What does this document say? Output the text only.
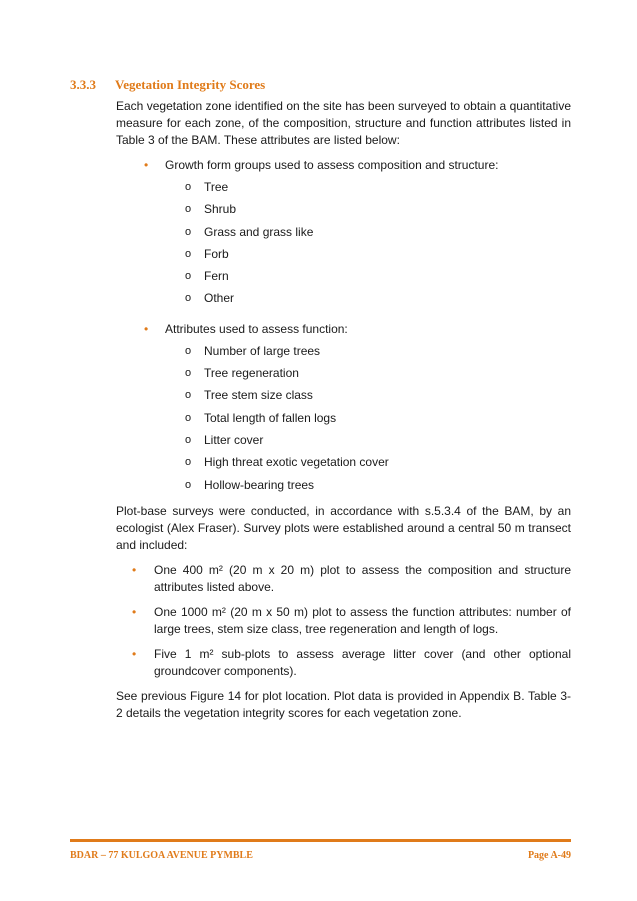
3.3.3 Vegetation Integrity Scores

Each vegetation zone identified on the site has been surveyed to obtain a quantitative measure for each zone, of the composition, structure and function attributes listed in Table 3 of the BAM. These attributes are listed below:

• Growth form groups used to assess composition and structure:
o Tree
o Shrub
o Grass and grass like
o Forb
o Fern
o Other
• Attributes used to assess function:
o Number of large trees
o Tree regeneration
o Tree stem size class
o Total length of fallen logs
o Litter cover
o High threat exotic vegetation cover
o Hollow-bearing trees

Plot-base surveys were conducted, in accordance with s.5.3.4 of the BAM, by an ecologist (Alex Fraser). Survey plots were established around a central 50 m transect and included:

• One 400 m² (20 m x 20 m) plot to assess the composition and structure attributes listed above.
• One 1000 m² (20 m x 50 m) plot to assess the function attributes: number of large trees, stem size class, tree regeneration and length of logs.
• Five 1 m² sub-plots to assess average litter cover (and other optional groundcover components).

See previous Figure 14 for plot location. Plot data is provided in Appendix B. Table 3-2 details the vegetation integrity scores for each vegetation zone.

BDAR – 77 KULGOA AVENUE PYMBLE	Page A-49
